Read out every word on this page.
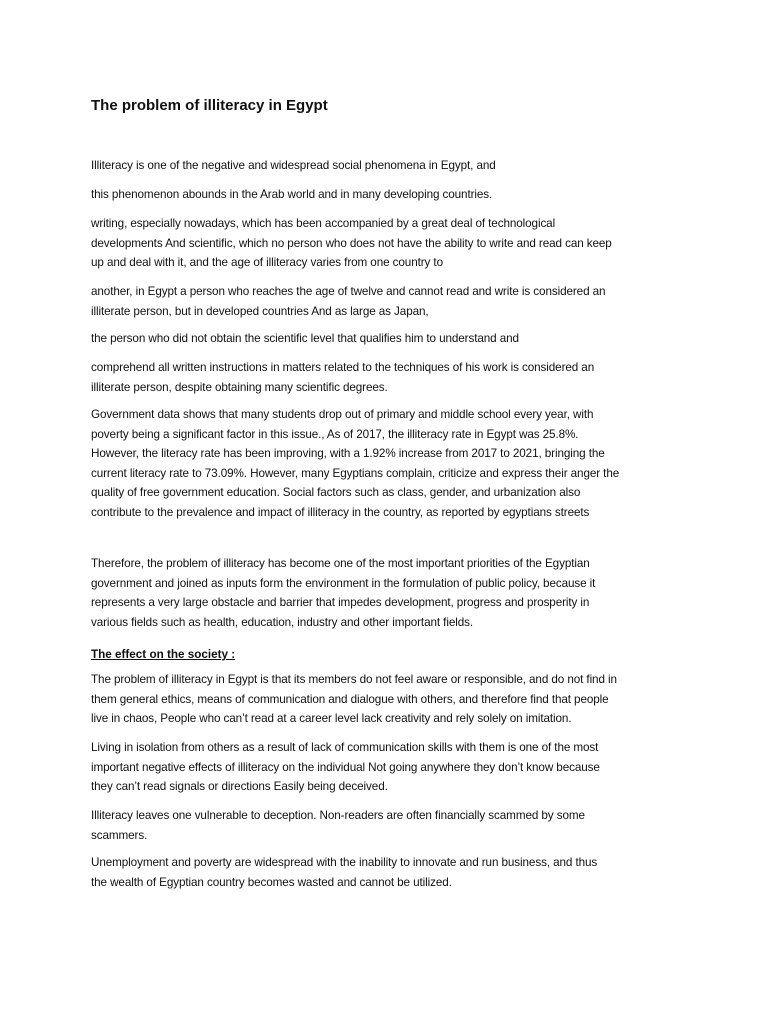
The problem of illiteracy in Egypt

Illiteracy is one of the negative and widespread social phenomena in Egypt, and

this phenomenon abounds in the Arab world and in many developing countries.

writing, especially nowadays, which has been accompanied by a great deal of technological
developments And scientific, which no person who does not have the ability to write and read can keep
up and deal with it, and the age of illiteracy varies from one country to

another, in Egypt a person who reaches the age of twelve and cannot read and write is considered an
illiterate person, but in developed countries And as large as Japan,

the person who did not obtain the scientific level that qualifies him to understand and

comprehend all written instructions in matters related to the techniques of his work is considered an
illiterate person, despite obtaining many scientific degrees.

Government data shows that many students drop out of primary and middle school every year, with
poverty being a significant factor in this issue., As of 2017, the illiteracy rate in Egypt was 25.8%.
However, the literacy rate has been improving, with a 1.92% increase from 2017 to 2021, bringing the
current literacy rate to 73.09%. However, many Egyptians complain, criticize and express their anger the
quality of free government education. Social factors such as class, gender, and urbanization also
contribute to the prevalence and impact of illiteracy in the country, as reported by egyptians streets

Therefore, the problem of illiteracy has become one of the most important priorities of the Egyptian
government and joined as inputs form the environment in the formulation of public policy, because it
represents a very large obstacle and barrier that impedes development, progress and prosperity in
various fields such as health, education, industry and other important fields.

The effect on the society :

The problem of illiteracy in Egypt is that its members do not feel aware or responsible, and do not find in
them general ethics, means of communication and dialogue with others, and therefore find that people
live in chaos, People who can’t read at a career level lack creativity and rely solely on imitation.

Living in isolation from others as a result of lack of communication skills with them is one of the most
important negative effects of illiteracy on the individual Not going anywhere they don’t know because
they can’t read signals or directions Easily being deceived.

Illiteracy leaves one vulnerable to deception. Non-readers are often financially scammed by some
scammers.

Unemployment and poverty are widespread with the inability to innovate and run business, and thus
the wealth of Egyptian country becomes wasted and cannot be utilized.
